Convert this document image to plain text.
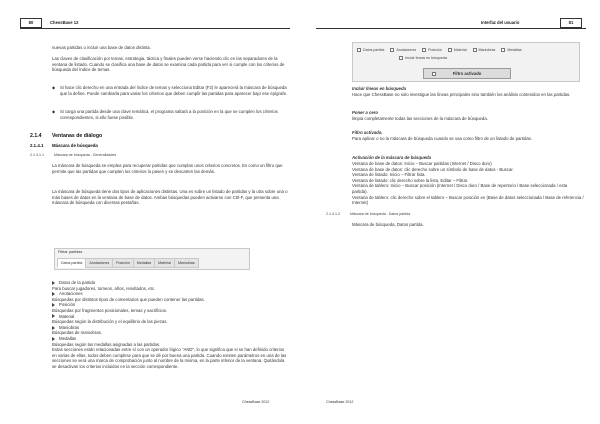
80	ChessBase 12
nuevas partidas o incluir una base de datos distinta.
Las claves de clasificación por temas, estrategia, táctica y finales pueden verse haciendo clic en las separadores de la ventana de listado. Cuando se clasifica una base de datos se examina cada partida para ver si cumple con los criterios de búsqueda del índice de temas.
◆ Si hace clic derecho en una entrada del índice de temas y selecciona Editar (F2) le aparecerá la máscara de búsqueda que la define. Puede cambiarla para variar los criterios que deben cumplir las partidas para aparecer bajo ese epígrafe.
◆ Si carga una partida desde una clave temática, el programa saltará a la posición en la que se cumplen los criterios correspondientes, si ello fuese posible.
2.1.4 Ventanas de diálogo
2.1.4.1 Máscara de búsqueda
2.1.4.1.1	Máscara de búsqueda - Generalidades
La máscara de búsqueda se emplea para recuperar partidas que cumplan unos criterios concretos. Es como un filtro que permite que las partidas que cumplen los criterios lo pasen y se descarten las demás.
La máscara de búsqueda tiene dos tipos de aplicaciones distintas. Una es sobre un listado de partidas y la otra sobre una o más bases de datos en la ventana de base de datos. Ambas búsquedas pueden activarse con Ctrl-F, que presenta una máscara de búsqueda con diversas pestañas.
Filtrar partidas
Datos partida	Anotaciones	Posición	Medallas	Material	Maniobras
Datos de la partida
Para buscar jugadores, torneos, años, resultados, etc.
Anotaciones
Búsquedas por distintos tipos de comentarios que pueden contener las partidas.
Posición
Búsquedas por fragmentos posicionales, temas y sacrificios.
Material
Búsquedas según la distribución y el equilibrio de las piezas.
Maniobras
Búsquedas de maniobras.
Medallas
Búsquedas según las medallas asignadas a las partidas.
Estas secciones están relacionadas entre sí con un operador lógico "AND", lo que significa que si se han definido criterios en varias de ellas, todos deben cumplirse para que se dé por buena una partida. Cuando existen parámetros en una de las secciones se verá una marca de comprobación junto al nombre de la misma, en la parte inferior de la ventana. Quitándola se desactivan los criterios incluidos en la sección correspondiente.
ChessBase 2012
Interfaz del usuario	81
Datos partida	Anotaciones	Posición	Material	Maniobras	Medallas
Incluir líneas en búsqueda
Filtro activado
Incluir líneas en búsqueda
Hace que ChessBase no solo investigue las líneas principales sino también los análisis contenidos en las partidas.
Poner a cero
limpia completamente todas las secciones de la máscara de búsqueda.
Filtro activado.
Para aplicar o no la máscara de búsqueda cuando se usa como filtro de un listado de partidas.
Activación de la máscara de búsqueda
Ventana de base de datos: Inicio – Buscar partidas (Internet / Disco duro)
Ventana de base de datos: clic derecho sobre un símbolo de base de datos - Buscar.
Ventana de listado: Inicio – Filtrar lista.
Ventana de listado: clic derecho sobre la lista, Editar – Filtrar.
Ventana de tablero: Inicio – Buscar posición (Internet / Disco duro / Base de repertorio / Base seleccionada / esta partida).
Ventana de tablero: clic derecho sobre el tablero – Buscar posición en (Base de datos seleccionada / Base de referencia / Internet)
2.1.4.1.2	Máscara de búsqueda - Datos partida
Máscara de búsqueda, Datos partida.
ChessBase 2012
